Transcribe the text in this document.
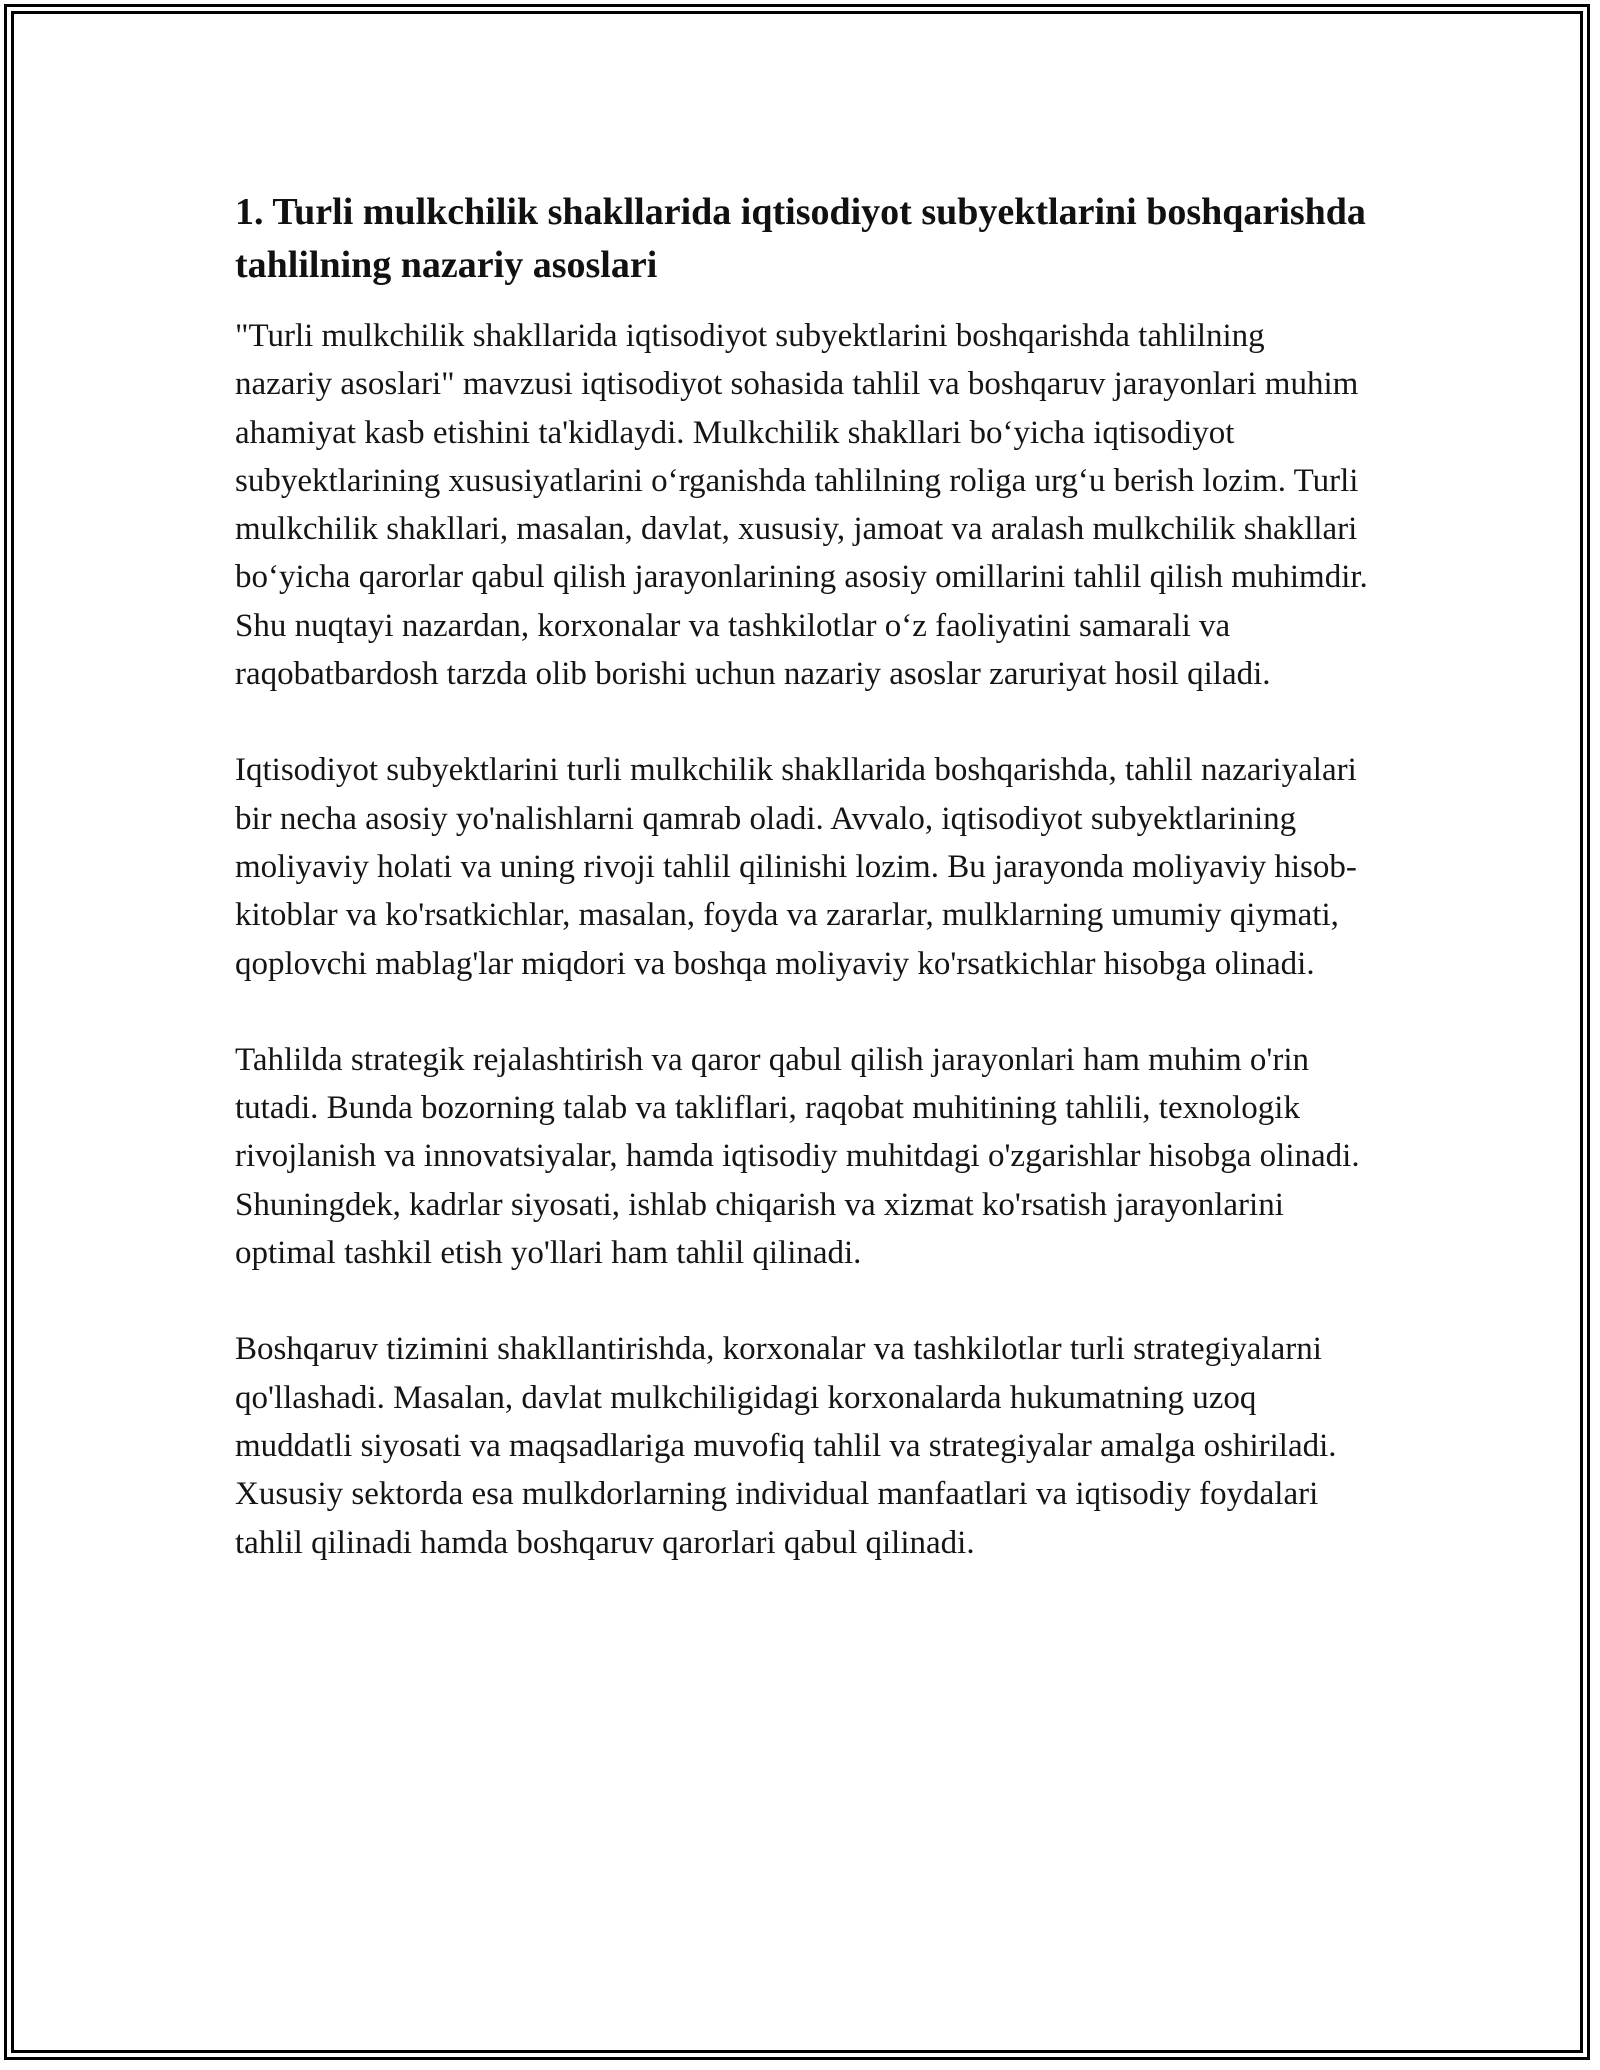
1. Turli mulkchilik shakllarida iqtisodiyot subyektlarini boshqarishda tahlilning nazariy asoslari

"Turli mulkchilik shakllarida iqtisodiyot subyektlarini boshqarishda tahlilning nazariy asoslari" mavzusi iqtisodiyot sohasida tahlil va boshqaruv jarayonlari muhim ahamiyat kasb etishini ta'kidlaydi. Mulkchilik shakllari bo‘yicha iqtisodiyot subyektlarining xususiyatlarini o‘rganishda tahlilning roliga urg‘u berish lozim. Turli mulkchilik shakllari, masalan, davlat, xususiy, jamoat va aralash mulkchilik shakllari bo‘yicha qarorlar qabul qilish jarayonlarining asosiy omillarini tahlil qilish muhimdir. Shu nuqtayi nazardan, korxonalar va tashkilotlar o‘z faoliyatini samarali va raqobatbardosh tarzda olib borishi uchun nazariy asoslar zaruriyat hosil qiladi.

Iqtisodiyot subyektlarini turli mulkchilik shakllarida boshqarishda, tahlil nazariyalari bir necha asosiy yo'nalishlarni qamrab oladi. Avvalo, iqtisodiyot subyektlarining moliyaviy holati va uning rivoji tahlil qilinishi lozim. Bu jarayonda moliyaviy hisob-kitoblar va ko'rsatkichlar, masalan, foyda va zararlar, mulklarning umumiy qiymati, qoplovchi mablag'lar miqdori va boshqa moliyaviy ko'rsatkichlar hisobga olinadi.

Tahlilda strategik rejalashtirish va qaror qabul qilish jarayonlari ham muhim o'rin tutadi. Bunda bozorning talab va takliflari, raqobat muhitining tahlili, texnologik rivojlanish va innovatsiyalar, hamda iqtisodiy muhitdagi o'zgarishlar hisobga olinadi. Shuningdek, kadrlar siyosati, ishlab chiqarish va xizmat ko'rsatish jarayonlarini optimal tashkil etish yo'llari ham tahlil qilinadi.

Boshqaruv tizimini shakllantirishda, korxonalar va tashkilotlar turli strategiyalarni qo'llashadi. Masalan, davlat mulkchiligidagi korxonalarda hukumatning uzoq muddatli siyosati va maqsadlariga muvofiq tahlil va strategiyalar amalga oshiriladi. Xususiy sektorda esa mulkdorlarning individual manfaatlari va iqtisodiy foydalari tahlil qilinadi hamda boshqaruv qarorlari qabul qilinadi.
